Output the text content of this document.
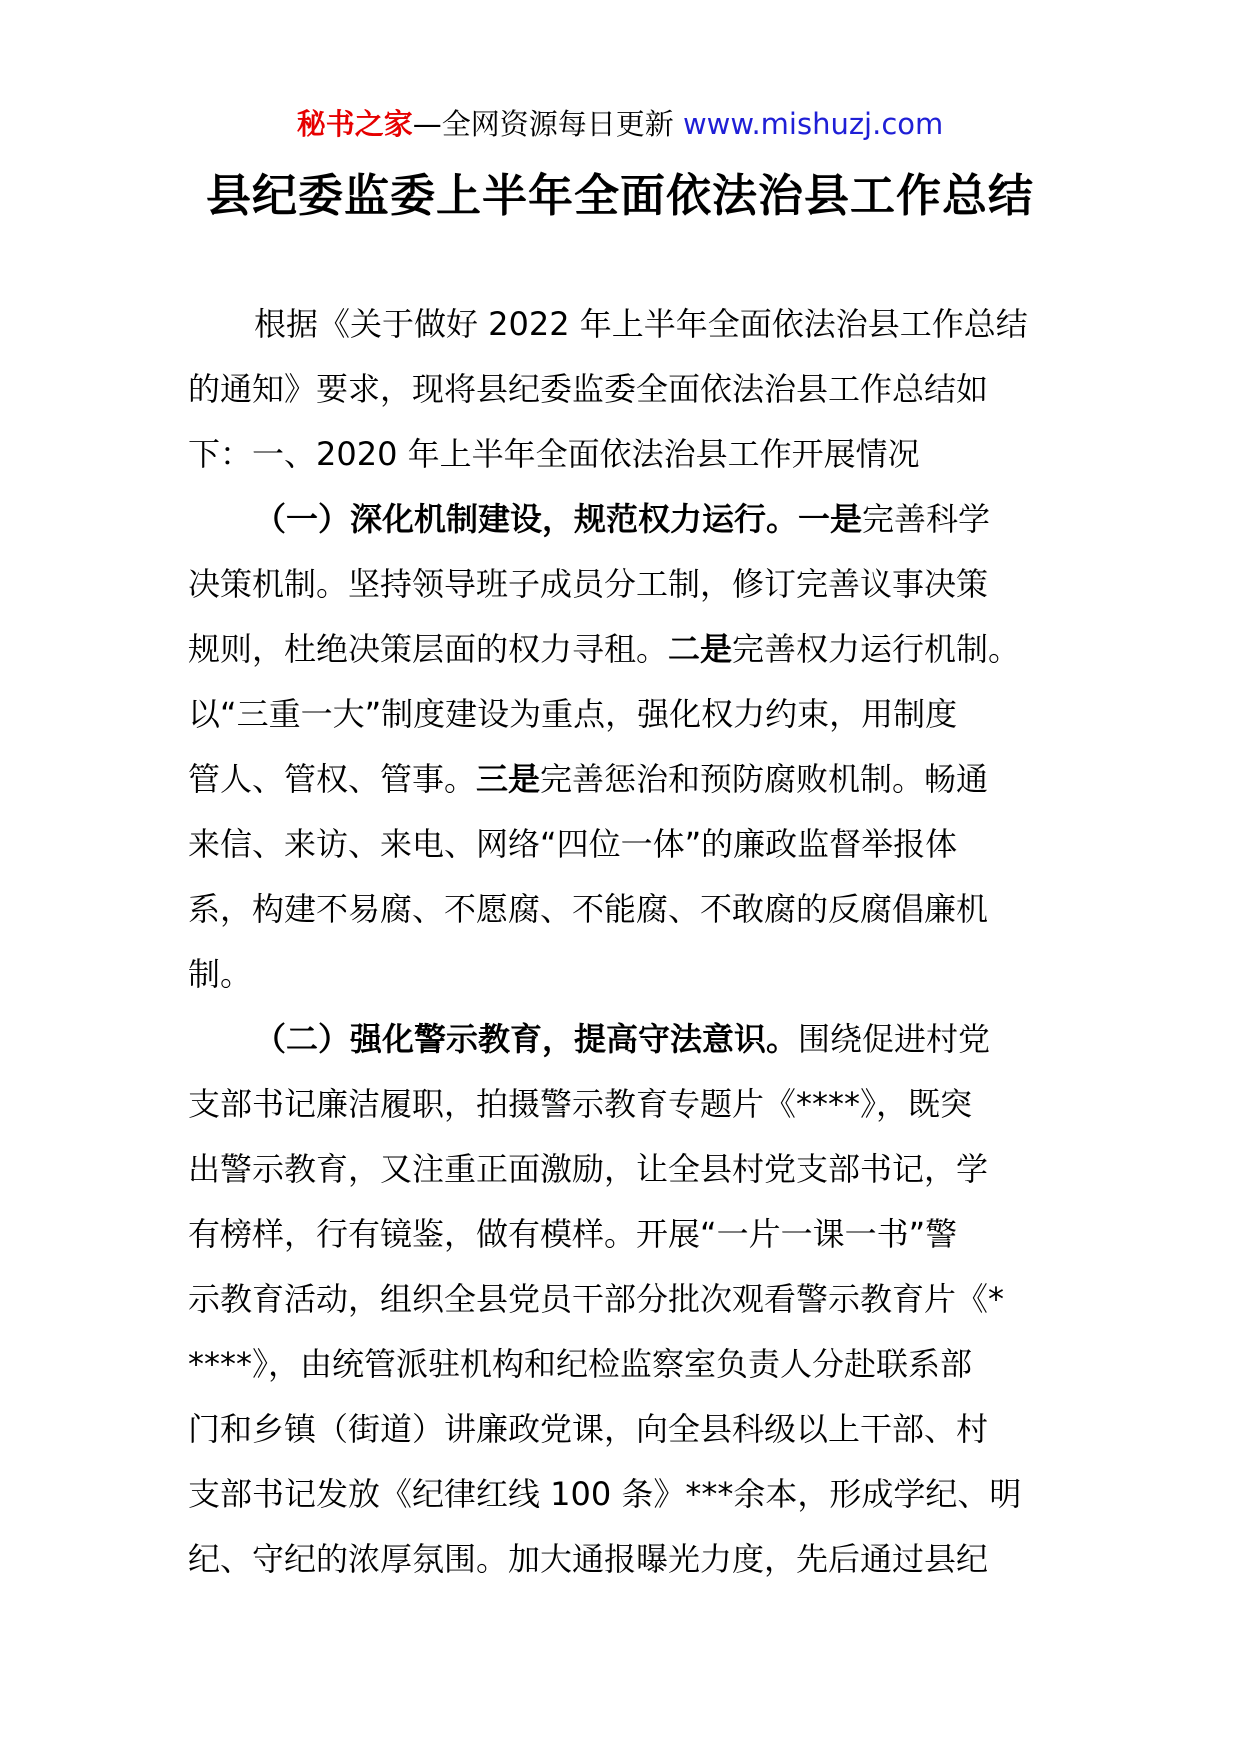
秘书之家—全网资源每日更新 www.mishuzj.com
县纪委监委上半年全面依法治县工作总结

根据《关于做好 2022 年上半年全面依法治县工作总结

的通知》要求，现将县纪委监委全面依法治县工作总结如
下：一、2020 年上半年全面依法治县工作开展情况
（一）深化机制建设，规范权力运行。一是完善科学
决策机制。坚持领导班子成员分工制，修订完善议事决策
规则，杜绝决策层面的权力寻租。二是完善权力运行机制。
以“三重一大”制度建设为重点，强化权力约束，用制度
管人、管权、管事。三是完善惩治和预防腐败机制。畅通
来信、来访、来电、网络“四位一体”的廉政监督举报体
系，构建不易腐、不愿腐、不能腐、不敢腐的反腐倡廉机
制。
（二）强化警示教育，提高守法意识。围绕促进村党
支部书记廉洁履职，拍摄警示教育专题片《****》，既突
出警示教育，又注重正面激励，让全县村党支部书记，学
有榜样，行有镜鉴，做有模样。开展“一片一课一书”警
示教育活动，组织全县党员干部分批次观看警示教育片《*
****》，由统管派驻机构和纪检监察室负责人分赴联系部
门和乡镇（街道）讲廉政党课，向全县科级以上干部、村
支部书记发放《纪律红线 100 条》***余本，形成学纪、明
纪、守纪的浓厚氛围。加大通报曝光力度，先后通过县纪
